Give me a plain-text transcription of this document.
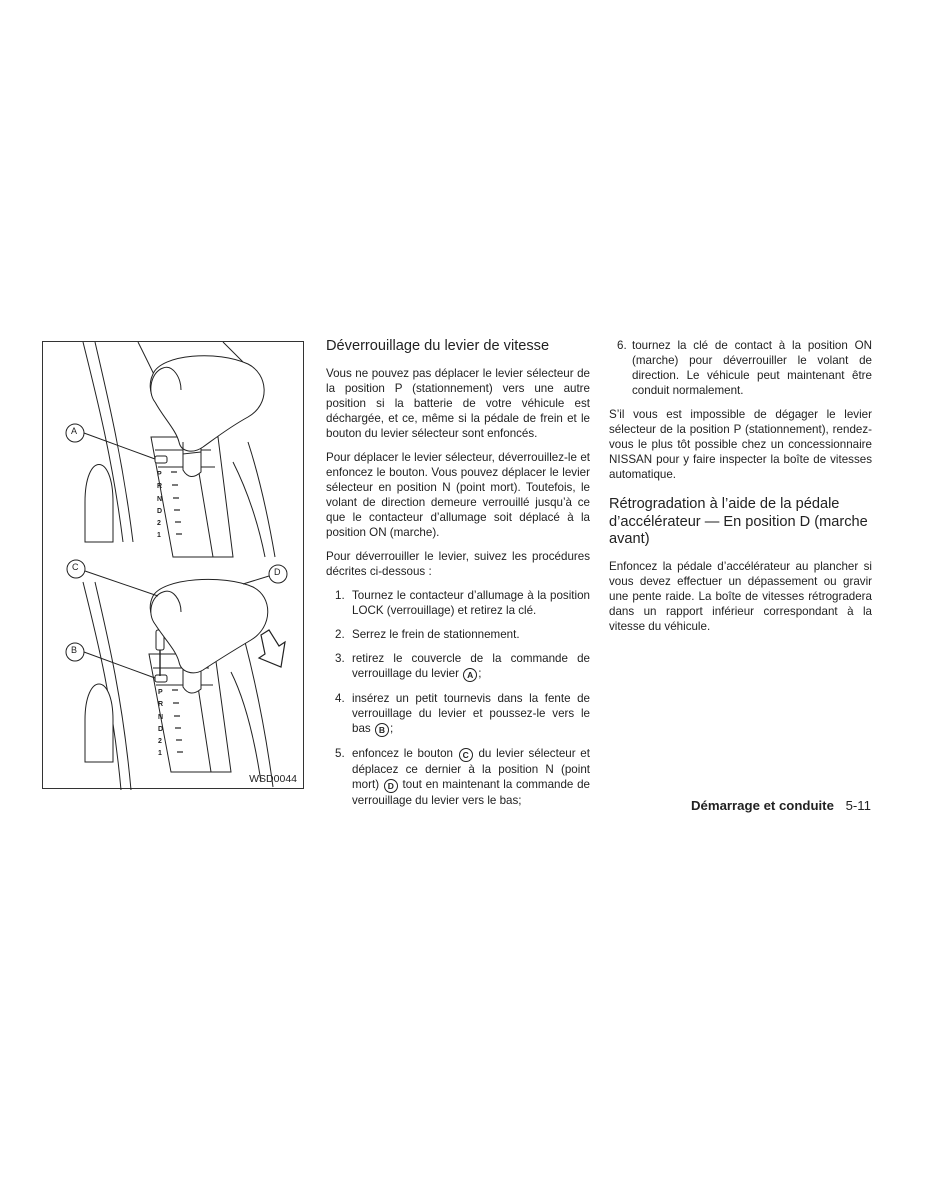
A
C	D
B
P
R
N
D
2
1
P
R
N
D
2
1
WSD0044
Déverrouillage du levier de vitesse

Vous ne pouvez pas déplacer le levier sélecteur de la position P (stationnement) vers une autre position si la batterie de votre véhicule est déchargée, et ce, même si la pédale de frein et le bouton du levier sélecteur sont enfoncés.

Pour déplacer le levier sélecteur, déverrouillez-le et enfoncez le bouton. Vous pouvez déplacer le levier sélecteur en position N (point mort). Toutefois, le volant de direction demeure verrouillé jusqu’à ce que le contacteur d’allumage soit déplacé à la position ON (marche).

Pour déverrouiller le levier, suivez les procédures décrites ci-dessous :

1. Tournez le contacteur d’allumage à la position LOCK (verrouillage) et retirez la clé.
2. Serrez le frein de stationnement.
3. retirez le couvercle de la commande de verrouillage du levier A ;
4. insérez un petit tournevis dans la fente de verrouillage du levier et poussez-le vers le bas B ;
5. enfoncez le bouton C du levier sélecteur et déplacez ce dernier à la position N (point mort) D tout en maintenant la commande de verrouillage du levier vers le bas;
6. tournez la clé de contact à la position ON (marche) pour déverrouiller le volant de direction. Le véhicule peut maintenant être conduit normalement.

S’il vous est impossible de dégager le levier sélecteur de la position P (stationnement), rendez-vous le plus tôt possible chez un concessionnaire NISSAN pour y faire inspecter la boîte de vitesses automatique.

Rétrogradation à l’aide de la pédale d’accélérateur — En position D (marche avant)

Enfoncez la pédale d’accélérateur au plancher si vous devez effectuer un dépassement ou gravir une pente raide. La boîte de vitesses rétrogradera dans un rapport inférieur correspondant à la vitesse du véhicule.

Démarrage et conduite 5-11
